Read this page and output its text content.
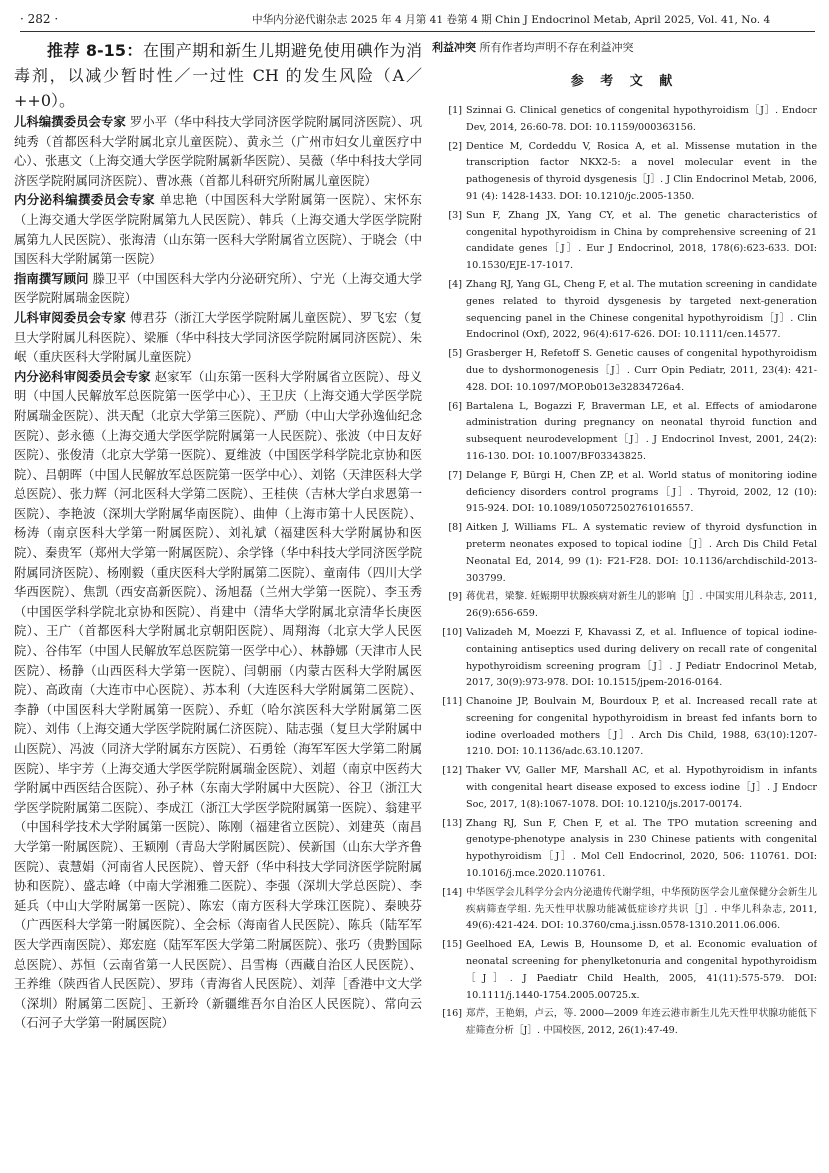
· 282 ·	中华内分泌代谢杂志 2025 年 4 月第 41 卷第 4 期 Chin J Endocrinol Metab, April 2025, Vol. 41, No. 4

推荐 8-15：在围产期和新生儿期避免使用碘作为消毒剂，以减少暂时性／一过性 CH 的发生风险（A／++0）。

儿科编撰委员会专家 罗小平（华中科技大学同济医学院附属同济医院）、巩纯秀（首都医科大学附属北京儿童医院）、黄永兰（广州市妇女儿童医疗中心）、张惠文（上海交通大学医学院附属新华医院）、吴薇（华中科技大学同济医学院附属同济医院）、曹冰燕（首都儿科研究所附属儿童医院）

内分泌科编撰委员会专家 单忠艳（中国医科大学附属第一医院）、宋怀东（上海交通大学医学院附属第九人民医院）、韩兵（上海交通大学医学院附属第九人民医院）、张海清（山东第一医科大学附属省立医院）、于晓会（中国医科大学附属第一医院）

指南撰写顾问 滕卫平（中国医科大学内分泌研究所）、宁光（上海交通大学医学院附属瑞金医院）

儿科审阅委员会专家 傅君芬（浙江大学医学院附属儿童医院）、罗飞宏（复旦大学附属儿科医院）、梁雁（华中科技大学同济医学院附属同济医院）、朱岷（重庆医科大学附属儿童医院）

内分泌科审阅委员会专家 赵家军（山东第一医科大学附属省立医院）、母义明（中国人民解放军总医院第一医学中心）、王卫庆（上海交通大学医学院附属瑞金医院）、洪天配（北京大学第三医院）、严励（中山大学孙逸仙纪念医院）、彭永德（上海交通大学医学院附属第一人民医院）、张波（中日友好医院）、张俊清（北京大学第一医院）、夏维波（中国医学科学院北京协和医院）、吕朝晖（中国人民解放军总医院第一医学中心）、刘铭（天津医科大学总医院）、张力辉（河北医科大学第二医院）、王桂侠（吉林大学白求恩第一医院）、李艳波（深圳大学附属华南医院）、曲伸（上海市第十人民医院）、杨涛（南京医科大学第一附属医院）、刘礼斌（福建医科大学附属协和医院）、秦贵军（郑州大学第一附属医院）、余学锋（华中科技大学同济医学院附属同济医院）、杨刚毅（重庆医科大学附属第二医院）、童南伟（四川大学华西医院）、焦凯（西安高新医院）、汤旭磊（兰州大学第一医院）、李玉秀（中国医学科学院北京协和医院）、肖建中（清华大学附属北京清华长庚医院）、王广（首都医科大学附属北京朝阳医院）、周翔海（北京大学人民医院）、谷伟军（中国人民解放军总医院第一医学中心）、林静娜（天津市人民医院）、杨静（山西医科大学第一医院）、闫朝丽（内蒙古医科大学附属医院）、高政南（大连市中心医院）、苏本利（大连医科大学附属第二医院）、李静（中国医科大学附属第一医院）、乔虹（哈尔滨医科大学附属第二医院）、刘伟（上海交通大学医学院附属仁济医院）、陆志强（复旦大学附属中山医院）、冯波（同济大学附属东方医院）、石勇铨（海军军医大学第二附属医院）、毕宇芳（上海交通大学医学院附属瑞金医院）、刘超（南京中医药大学附属中西医结合医院）、孙子林（东南大学附属中大医院）、谷卫（浙江大学医学院附属第二医院）、李成江（浙江大学医学院附属第一医院）、翁建平（中国科学技术大学附属第一医院）、陈刚（福建省立医院）、刘建英（南昌大学第一附属医院）、王颖刚（青岛大学附属医院）、侯新国（山东大学齐鲁医院）、袁慧娟（河南省人民医院）、曾天舒（华中科技大学同济医学院附属协和医院）、盛志峰（中南大学湘雅二医院）、李强（深圳大学总医院）、李延兵（中山大学附属第一医院）、陈宏（南方医科大学珠江医院）、秦映芬（广西医科大学第一附属医院）、全会标（海南省人民医院）、陈兵（陆军军医大学西南医院）、郑宏庭（陆军军医大学第二附属医院）、张巧（贵黔国际总医院）、苏恒（云南省第一人民医院）、吕雪梅（西藏自治区人民医院）、王养维（陕西省人民医院）、罗玮（青海省人民医院）、刘萍［香港中文大学（深圳）附属第二医院］、王新玲（新疆维吾尔自治区人民医院）、常向云（石河子大学第一附属医院）

利益冲突 所有作者均声明不存在利益冲突

参 考 文 献
[1] Szinnai G. Clinical genetics of congenital hypothyroidism［J］. Endocr Dev, 2014, 26:60-78. DOI: 10.1159/000363156.
[2] Dentice M, Cordeddu V, Rosica A, et al. Missense mutation in the transcription factor NKX2-5: a novel molecular event in the pathogenesis of thyroid dysgenesis［J］. J Clin Endocrinol Metab, 2006, 91 (4): 1428-1433. DOI: 10.1210/jc.2005-1350.
[3] Sun F, Zhang JX, Yang CY, et al. The genetic characteristics of congenital hypothyroidism in China by comprehensive screening of 21 candidate genes［J］. Eur J Endocrinol, 2018, 178(6):623-633. DOI: 10.1530/EJE-17-1017.
[4] Zhang RJ, Yang GL, Cheng F, et al. The mutation screening in candidate genes related to thyroid dysgenesis by targeted next-generation sequencing panel in the Chinese congenital hypothyroidism［J］. Clin Endocrinol (Oxf), 2022, 96(4):617-626. DOI: 10.1111/cen.14577.
[5] Grasberger H, Refetoff S. Genetic causes of congenital hypothyroidism due to dyshormonogenesis［J］. Curr Opin Pediatr, 2011, 23(4): 421-428. DOI: 10.1097/MOP.0b013e32834726a4.
[6] Bartalena L, Bogazzi F, Braverman LE, et al. Effects of amiodarone administration during pregnancy on neonatal thyroid function and subsequent neurodevelopment［J］. J Endocrinol Invest, 2001, 24(2): 116-130. DOI: 10.1007/BF03343825.
[7] Delange F, Bürgi H, Chen ZP, et al. World status of monitoring iodine deficiency disorders control programs［J］. Thyroid, 2002, 12 (10): 915-924. DOI: 10.1089/105072502761016557.
[8] Aitken J, Williams FL. A systematic review of thyroid dysfunction in preterm neonates exposed to topical iodine［J］. Arch Dis Child Fetal Neonatal Ed, 2014, 99 (1): F21-F28. DOI: 10.1136/archdischild-2013-303799.
[9] 蒋优君，梁黎. 妊娠期甲状腺疾病对新生儿的影响［J］. 中国实用儿科杂志, 2011, 26(9):656-659.
[10] Valizadeh M, Moezzi F, Khavassi Z, et al. Influence of topical iodine-containing antiseptics used during delivery on recall rate of congenital hypothyroidism screening program［J］. J Pediatr Endocrinol Metab, 2017, 30(9):973-978. DOI: 10.1515/jpem-2016-0164.
[11] Chanoine JP, Boulvain M, Bourdoux P, et al. Increased recall rate at screening for congenital hypothyroidism in breast fed infants born to iodine overloaded mothers［J］. Arch Dis Child, 1988, 63(10):1207-1210. DOI: 10.1136/adc.63.10.1207.
[12] Thaker VV, Galler MF, Marshall AC, et al. Hypothyroidism in infants with congenital heart disease exposed to excess iodine［J］. J Endocr Soc, 2017, 1(8):1067-1078. DOI: 10.1210/js.2017-00174.
[13] Zhang RJ, Sun F, Chen F, et al. The TPO mutation screening and genotype-phenotype analysis in 230 Chinese patients with congenital hypothyroidism［J］. Mol Cell Endocrinol, 2020, 506: 110761. DOI: 10.1016/j.mce.2020.110761.
[14] 中华医学会儿科学分会内分泌遗传代谢学组，中华预防医学会儿童保健分会新生儿疾病筛查学组. 先天性甲状腺功能减低症诊疗共识［J］. 中华儿科杂志, 2011, 49(6):421-424. DOI: 10.3760/cma.j.issn.0578-1310.2011.06.006.
[15] Geelhoed EA, Lewis B, Hounsome D, et al. Economic evaluation of neonatal screening for phenylketonuria and congenital hypothyroidism［J］. J Paediatr Child Health, 2005, 41(11):575-579. DOI: 10.1111/j.1440-1754.2005.00725.x.
[16] 郑芹，王艳娟，卢云，等. 2000—2009 年连云港市新生儿先天性甲状腺功能低下症筛查分析［J］. 中国校医, 2012, 26(1):47-49.
